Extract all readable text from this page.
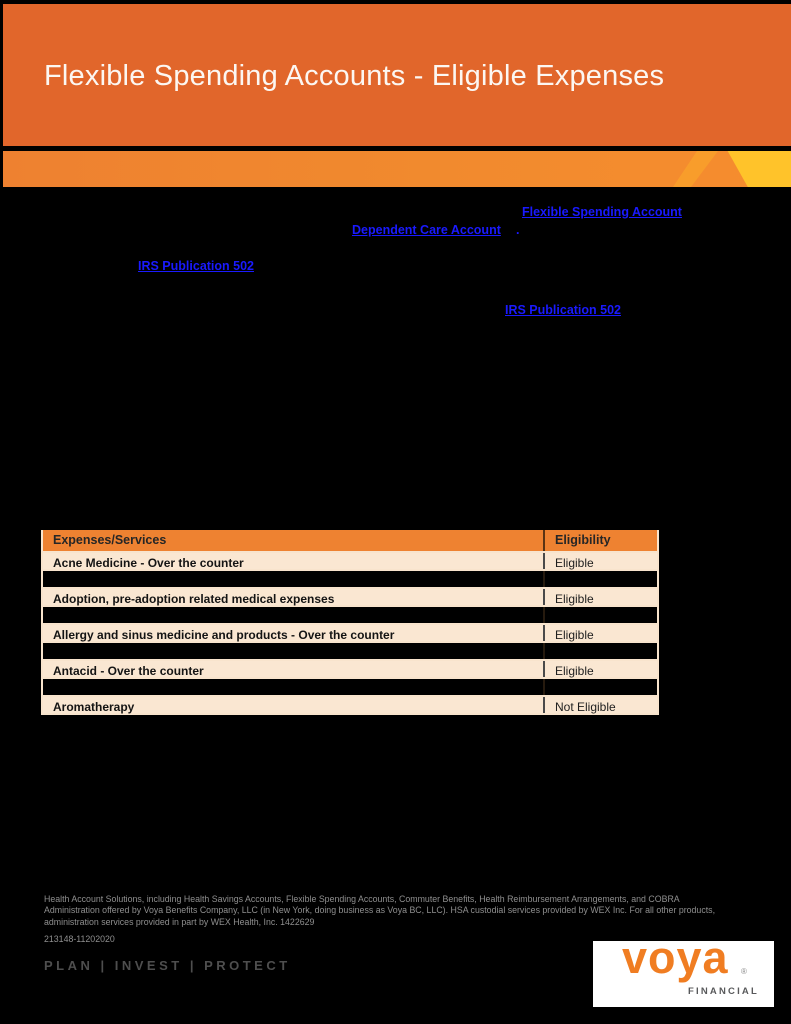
Flexible Spending Accounts - Eligible Expenses
Flexible Spending Account
Dependent Care Account .
IRS Publication 502
IRS Publication 502
Expenses/Services	Eligibility
Acne Medicine - Over the counter	Eligible
Adoption, pre-adoption related medical expenses	Eligible
Allergy and sinus medicine and products - Over the counter	Eligible
Antacid - Over the counter	Eligible
Aromatherapy	Not Eligible
Health Account Solutions, including Health Savings Accounts, Flexible Spending Accounts, Commuter Benefits, Health Reimbursement Arrangements, and COBRA
Administration offered by Voya Benefits Company, LLC (in New York, doing business as Voya BC, LLC). HSA custodial services provided by WEX Inc. For all other products,
administration services provided in part by WEX Health, Inc. 1422629
213148-11202020
PLAN | INVEST | PROTECT	voya ®
FINANCIAL
